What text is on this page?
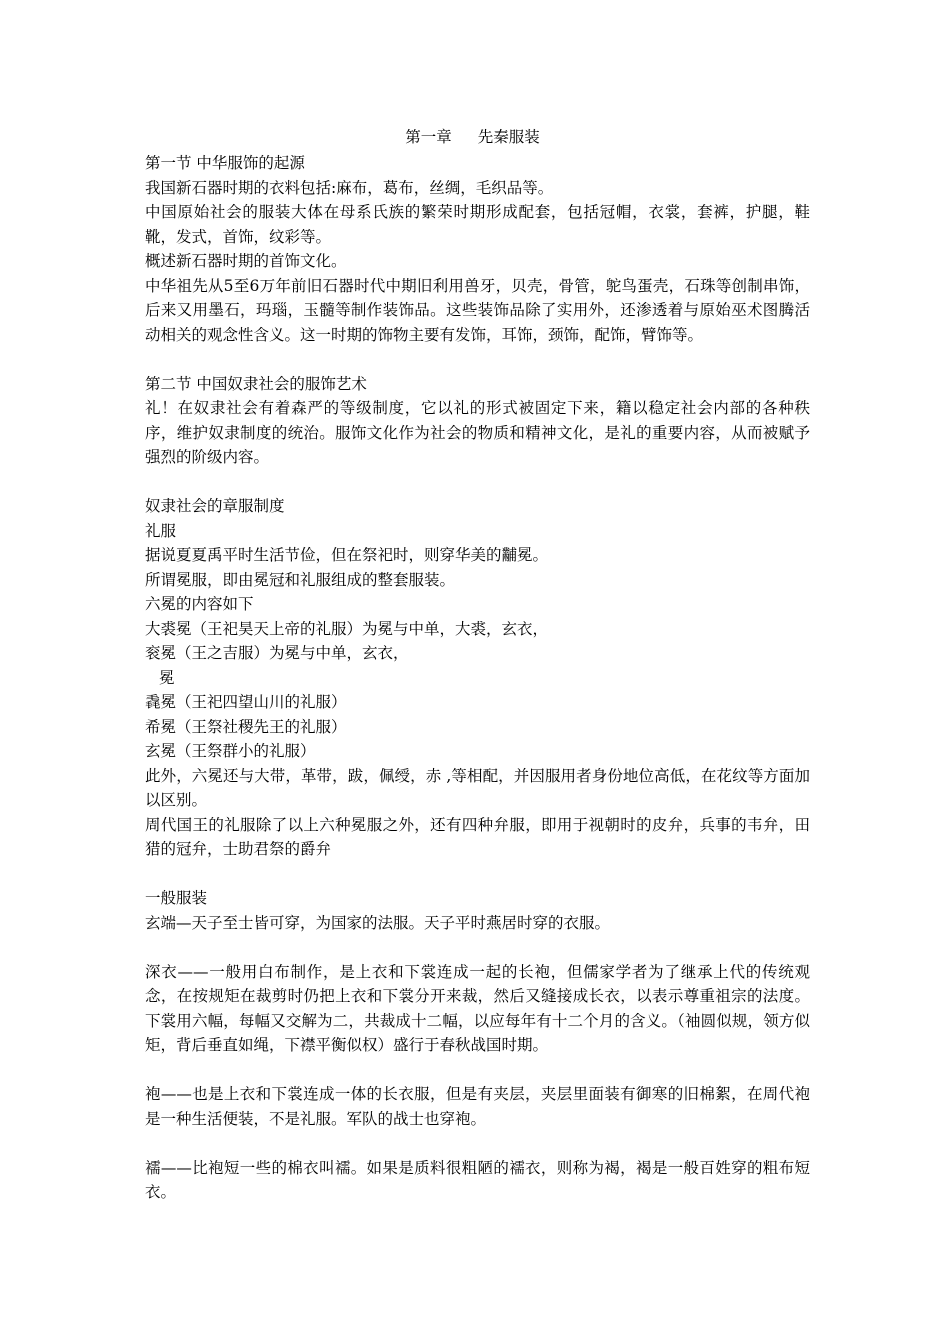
第一章 先秦服装
第一节 中华服饰的起源
我国新石器时期的衣料包括:麻布，葛布，丝绸，毛织品等。
中国原始社会的服装大体在母系氏族的繁荣时期形成配套，包括冠帽，衣裳，套裤，护腿，鞋靴，发式，首饰，纹彩等。
概述新石器时期的首饰文化。
中华祖先从5至6万年前旧石器时代中期旧利用兽牙，贝壳，骨管，鸵鸟蛋壳，石珠等创制串饰，后来又用墨石，玛瑙，玉髓等制作装饰品。这些装饰品除了实用外，还渗透着与原始巫术图腾活动相关的观念性含义。这一时期的饰物主要有发饰，耳饰，颈饰，配饰，臂饰等。
第二节 中国奴隶社会的服饰艺术
礼！在奴隶社会有着森严的等级制度，它以礼的形式被固定下来，籍以稳定社会内部的各种秩序，维护奴隶制度的统治。服饰文化作为社会的物质和精神文化，是礼的重要内容，从而被赋予强烈的阶级内容。
奴隶社会的章服制度
礼服
据说夏夏禹平时生活节俭，但在祭祀时，则穿华美的黼冕。
所谓冕服，即由冕冠和礼服组成的整套服装。
六冕的内容如下
大裘冕（王祀昊天上帝的礼服）为冕与中单，大裘，玄衣，
衮冕（王之吉服）为冕与中单，玄衣，
冕
毳冕（王祀四望山川的礼服）
希冕（王祭社稷先王的礼服）
玄冕（王祭群小的礼服）
此外，六冕还与大带，革带，跋，佩绶，赤 ,等相配，并因服用者身份地位高低，在花纹等方面加以区别。
周代国王的礼服除了以上六种冕服之外，还有四种弁服，即用于视朝时的皮弁，兵事的韦弁，田猎的冠弁，士助君祭的爵弁
一般服装
玄端—天子至士皆可穿，为国家的法服。天子平时燕居时穿的衣服。
深衣——一般用白布制作，是上衣和下裳连成一起的长袍，但儒家学者为了继承上代的传统观念，在按规矩在裁剪时仍把上衣和下裳分开来裁，然后又缝接成长衣，以表示尊重祖宗的法度。下裳用六幅，每幅又交解为二，共裁成十二幅，以应每年有十二个月的含义。（袖圆似规，领方似矩，背后垂直如绳，下襟平衡似权）盛行于春秋战国时期。
袍——也是上衣和下裳连成一体的长衣服，但是有夹层，夹层里面装有御寒的旧棉絮，在周代袍是一种生活便装，不是礼服。军队的战士也穿袍。
襦——比袍短一些的棉衣叫襦。如果是质料很粗陋的襦衣，则称为褐，褐是一般百姓穿的粗布短衣。
